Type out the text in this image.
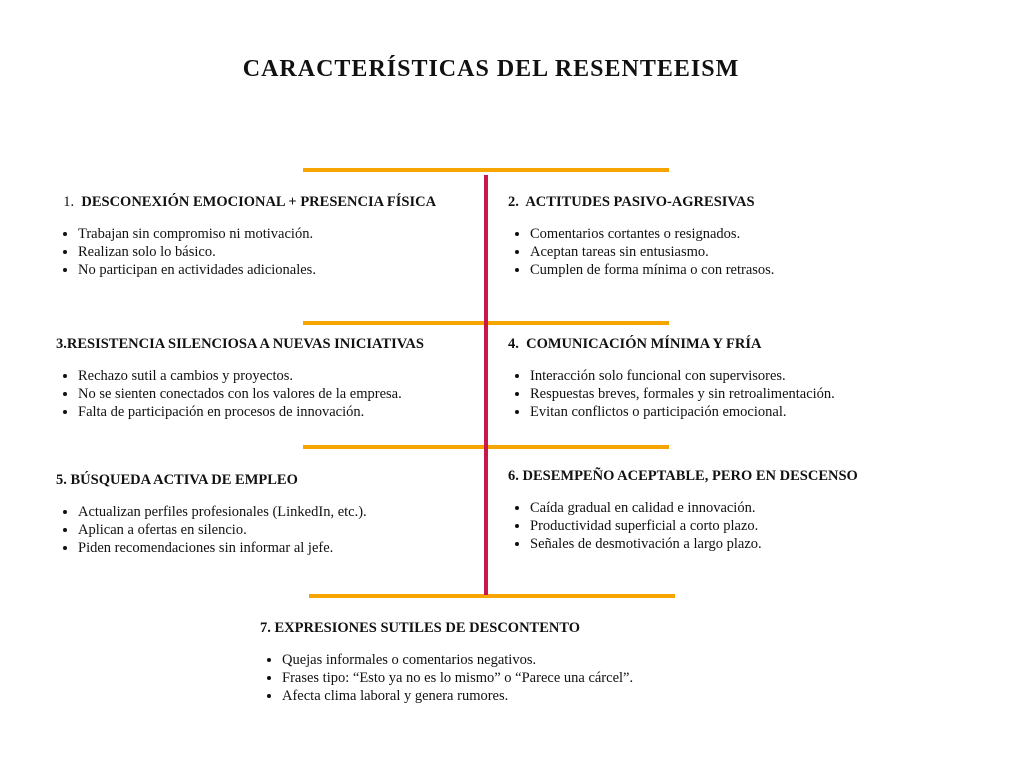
CARACTERÍSTICAS DEL RESENTEEISM
1. DESCONEXIÓN EMOCIONAL + PRESENCIA FÍSICA
• Trabajan sin compromiso ni motivación.
• Realizan solo lo básico.
• No participan en actividades adicionales.
2. ACTITUDES PASIVO-AGRESIVAS
• Comentarios cortantes o resignados.
• Aceptan tareas sin entusiasmo.
• Cumplen de forma mínima o con retrasos.
3.RESISTENCIA SILENCIOSA A NUEVAS INICIATIVAS
• Rechazo sutil a cambios y proyectos.
• No se sienten conectados con los valores de la empresa.
• Falta de participación en procesos de innovación.
4. COMUNICACIÓN MÍNIMA Y FRÍA
• Interacción solo funcional con supervisores.
• Respuestas breves, formales y sin retroalimentación.
• Evitan conflictos o participación emocional.
5. BÚSQUEDA ACTIVA DE EMPLEO
• Actualizan perfiles profesionales (LinkedIn, etc.).
• Aplican a ofertas en silencio.
• Piden recomendaciones sin informar al jefe.
6. DESEMPEÑO ACEPTABLE, PERO EN DESCENSO
• Caída gradual en calidad e innovación.
• Productividad superficial a corto plazo.
• Señales de desmotivación a largo plazo.
7. EXPRESIONES SUTILES DE DESCONTENTO
• Quejas informales o comentarios negativos.
• Frases tipo: “Esto ya no es lo mismo” o “Parece una cárcel”.
• Afecta clima laboral y genera rumores.
